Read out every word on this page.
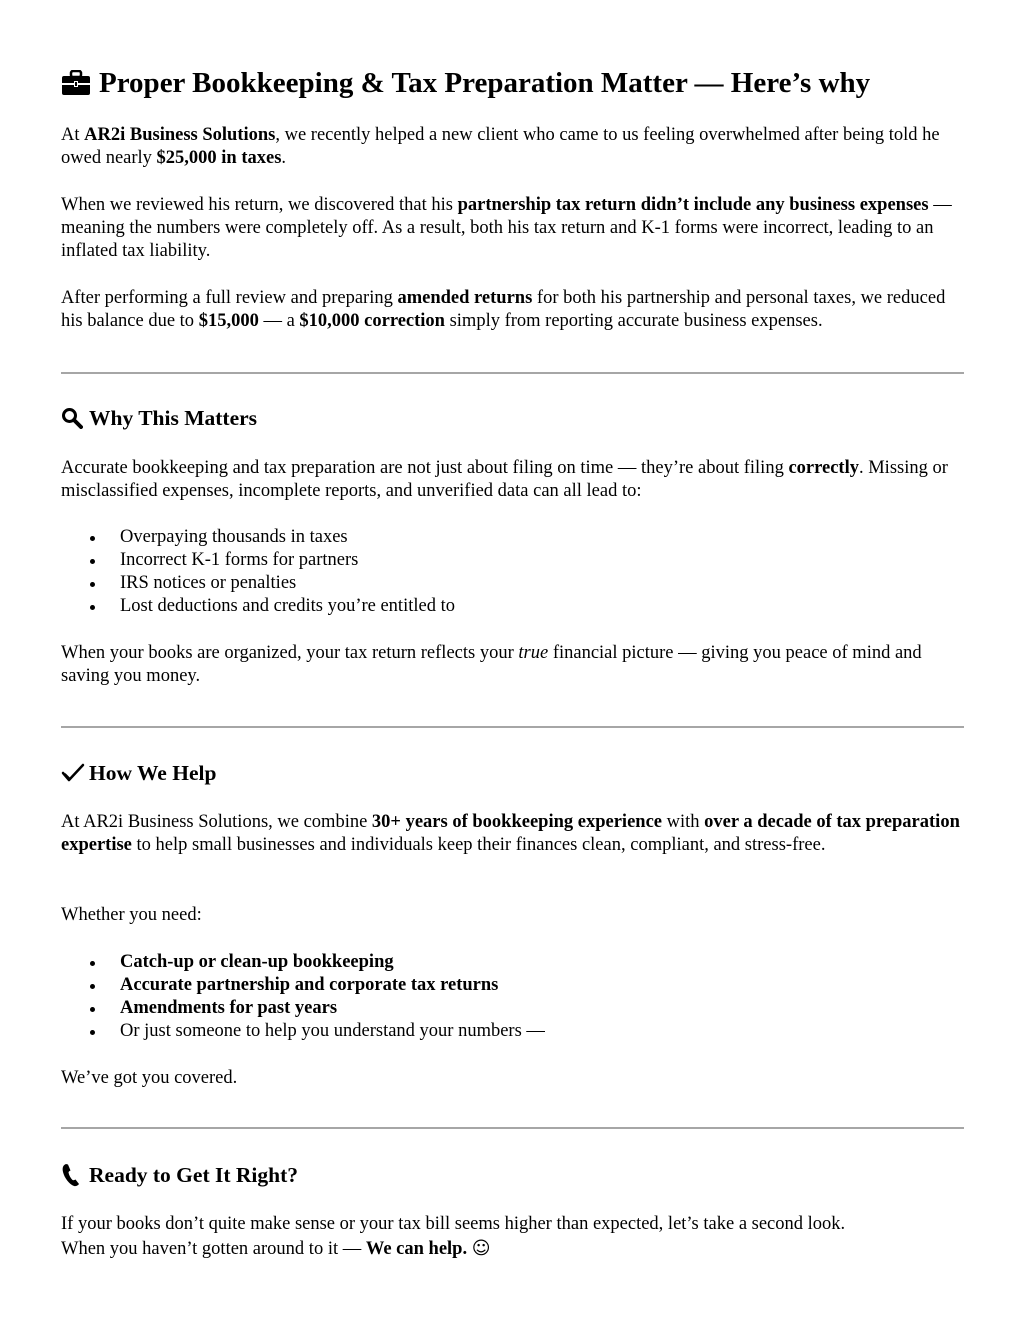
Proper Bookkeeping & Tax Preparation Matter — Here’s why

At AR2i Business Solutions, we recently helped a new client who came to us feeling overwhelmed after being told he owed nearly $25,000 in taxes.

When we reviewed his return, we discovered that his partnership tax return didn’t include any business expenses — meaning the numbers were completely off. As a result, both his tax return and K-1 forms were incorrect, leading to an inflated tax liability.

After performing a full review and preparing amended returns for both his partnership and personal taxes, we reduced his balance due to $15,000 — a $10,000 correction simply from reporting accurate business expenses.

Why This Matters

Accurate bookkeeping and tax preparation are not just about filing on time — they’re about filing correctly. Missing or misclassified expenses, incomplete reports, and unverified data can all lead to:

Overpaying thousands in taxes
Incorrect K-1 forms for partners
IRS notices or penalties
Lost deductions and credits you’re entitled to

When your books are organized, your tax return reflects your true financial picture — giving you peace of mind and saving you money.

How We Help

At AR2i Business Solutions, we combine 30+ years of bookkeeping experience with over a decade of tax preparation expertise to help small businesses and individuals keep their finances clean, compliant, and stress-free.

Whether you need:

Catch-up or clean-up bookkeeping
Accurate partnership and corporate tax returns
Amendments for past years
Or just someone to help you understand your numbers —

We’ve got you covered.

Ready to Get It Right?

If your books don’t quite make sense or your tax bill seems higher than expected, let’s take a second look.

When you haven’t gotten around to it — We can help. ☺
